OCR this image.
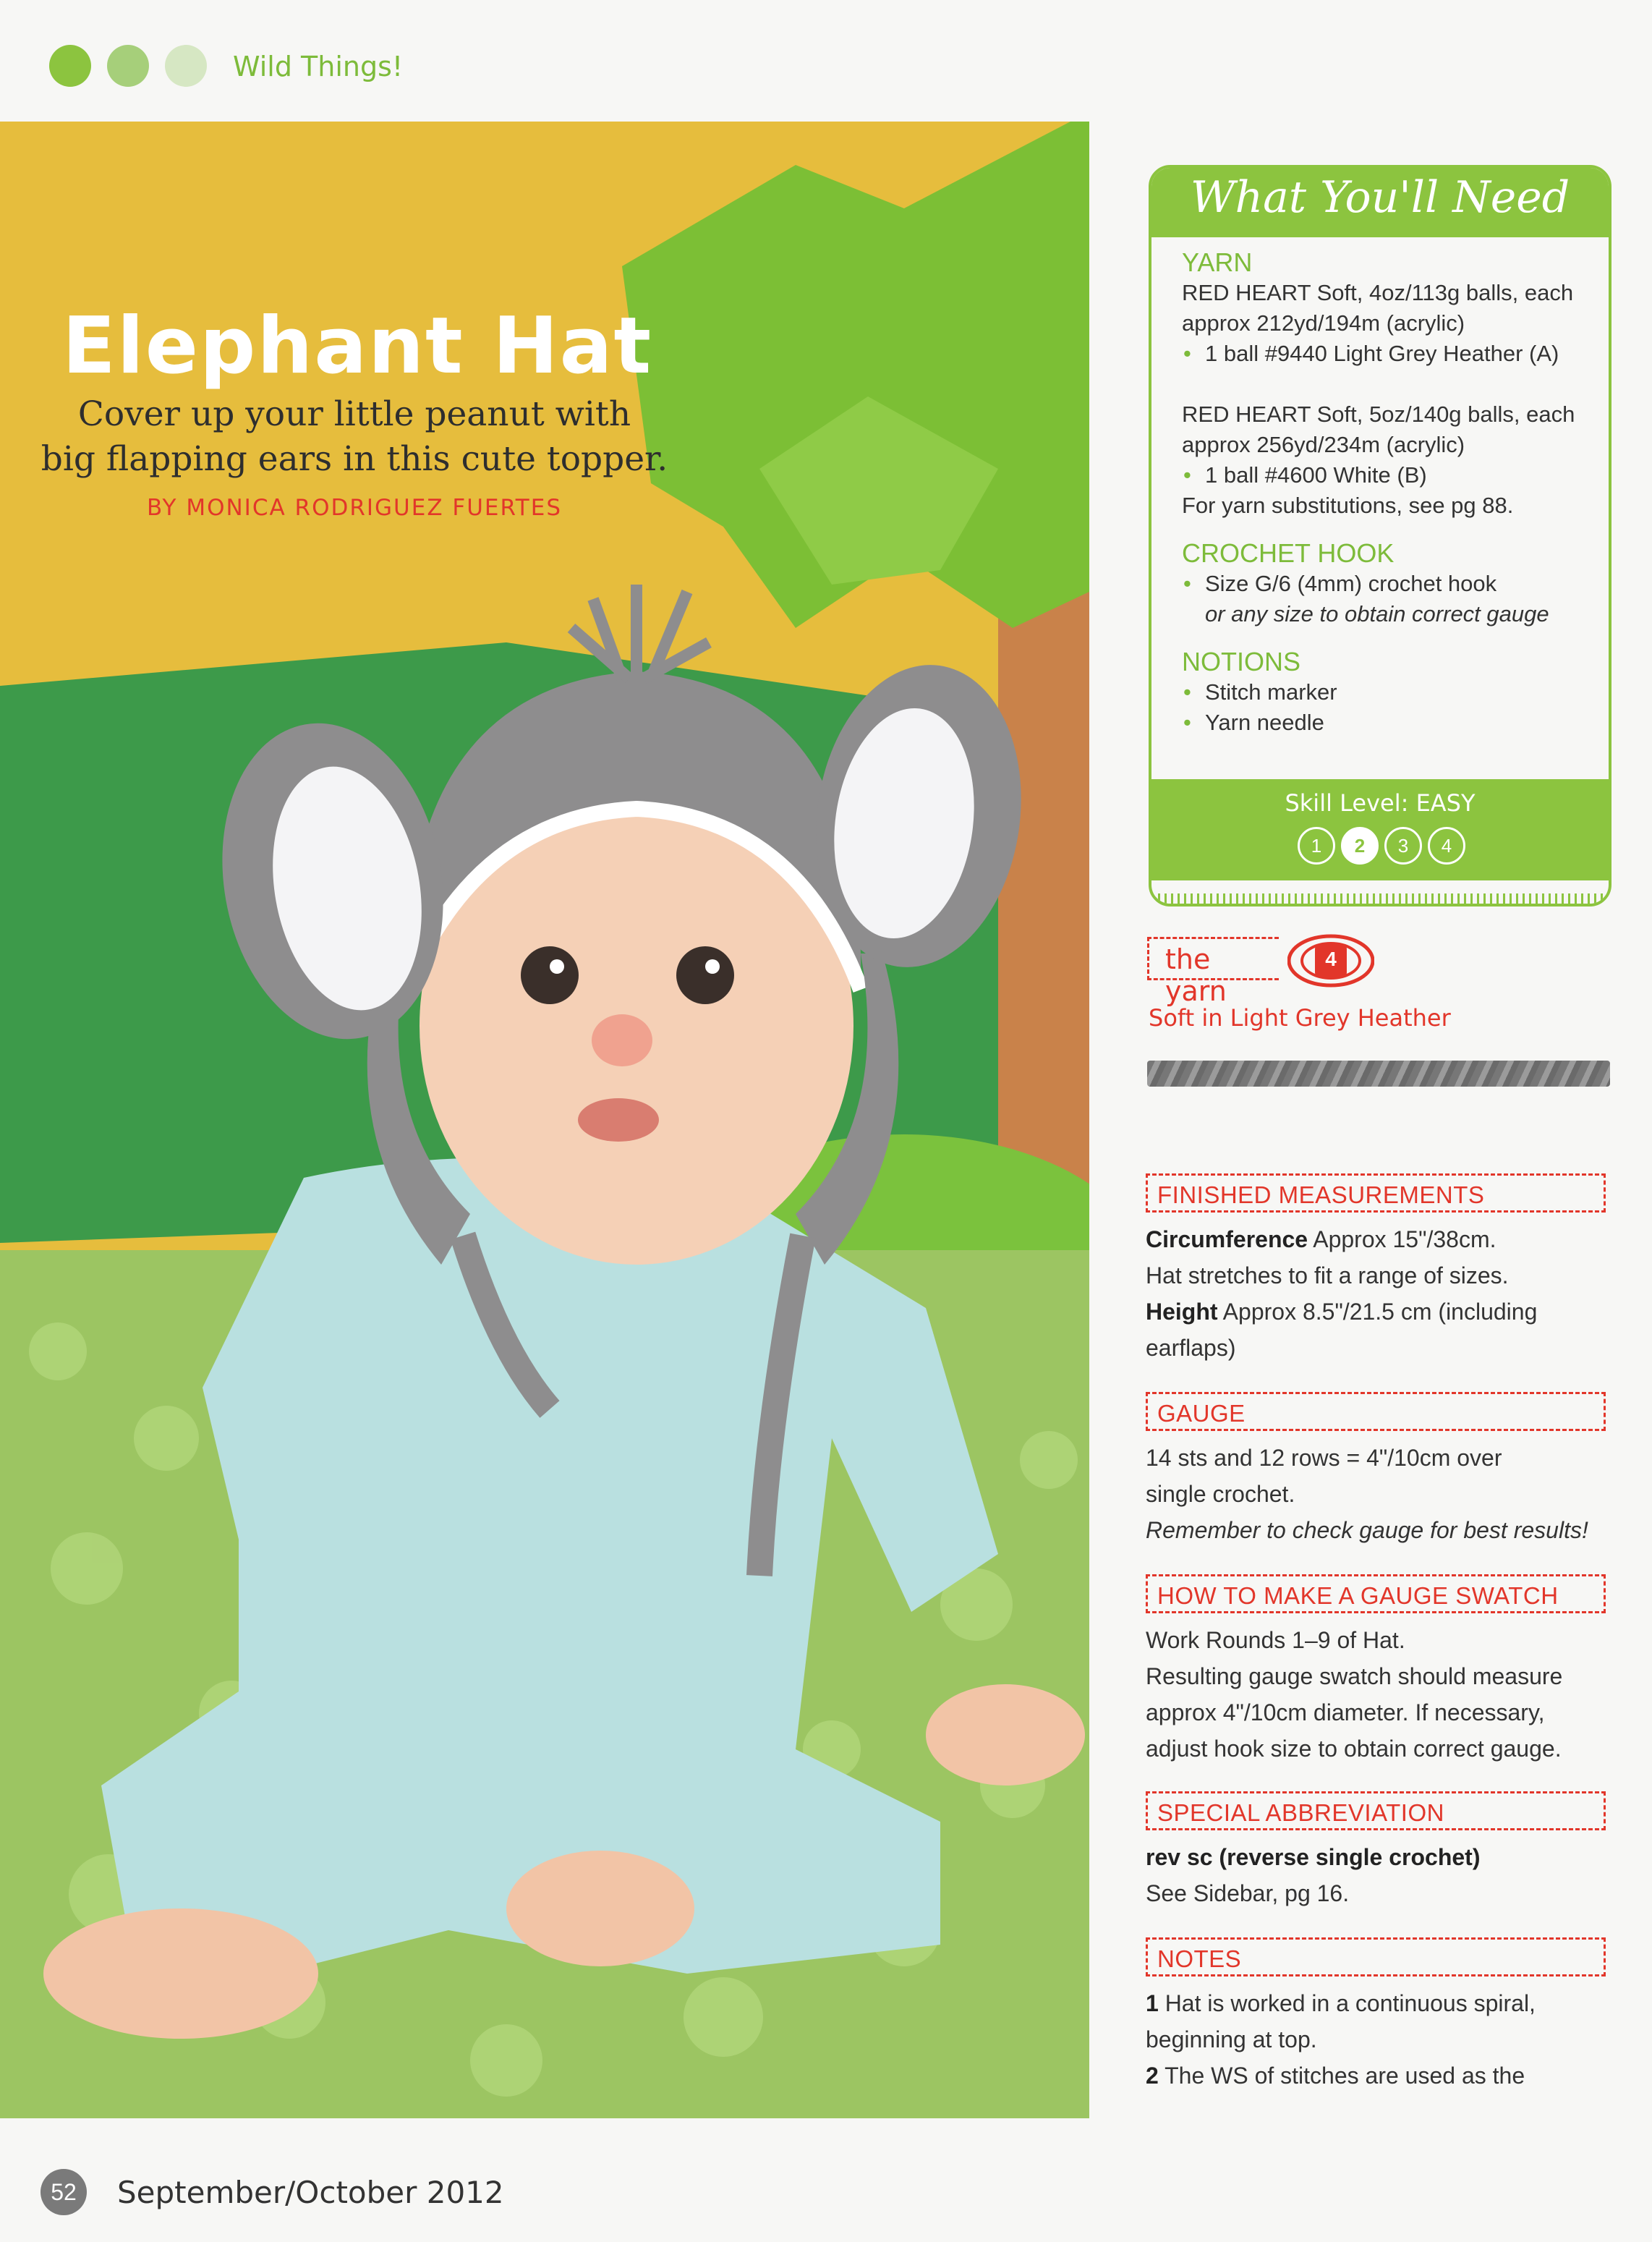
Wild Things!
Elephant Hat
Cover up your little peanut with
big flapping ears in this cute topper.
BY MONICA RODRIGUEZ FUERTES
What You'll Need
YARN
RED HEART Soft, 4oz/113g balls, each
approx 212yd/194m (acrylic)
• 1 ball #9440 Light Grey Heather (A)
RED HEART Soft, 5oz/140g balls, each
approx 256yd/234m (acrylic)
• 1 ball #4600 White (B)
For yarn substitutions, see pg 88.
CROCHET HOOK
• Size G/6 (4mm) crochet hook
or any size to obtain correct gauge
NOTIONS
• Stitch marker
• Yarn needle
Skill Level: EASY
1	2	3	4
the yarn
4
Soft in Light Grey Heather
FINISHED MEASUREMENTS
Circumference Approx 15"/38cm.
Hat stretches to fit a range of sizes.
Height Approx 8.5"/21.5 cm (including
earflaps)
GAUGE
14 sts and 12 rows = 4"/10cm over
single crochet.
Remember to check gauge for best results!
HOW TO MAKE A GAUGE SWATCH
Work Rounds 1–9 of Hat.
Resulting gauge swatch should measure
approx 4"/10cm diameter. If necessary,
adjust hook size to obtain correct gauge.
SPECIAL ABBREVIATION
rev sc (reverse single crochet)
See Sidebar, pg 16.
NOTES
1 Hat is worked in a continuous spiral,
beginning at top.
2 The WS of stitches are used as the
52	September/October 2012
